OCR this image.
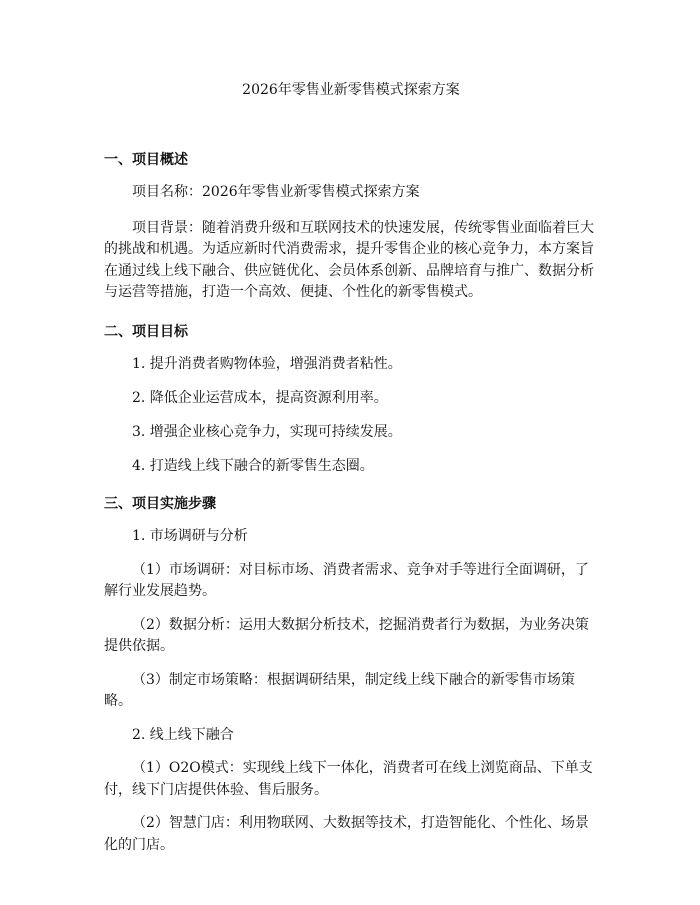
2026年零售业新零售模式探索方案
一、项目概述

项目名称：2026年零售业新零售模式探索方案

项目背景：随着消费升级和互联网技术的快速发展，传统零售业面临着巨大的挑战和机遇。为适应新时代消费需求，提升零售企业的核心竞争力，本方案旨在通过线上线下融合、供应链优化、会员体系创新、品牌培育与推广、数据分析与运营等措施，打造一个高效、便捷、个性化的新零售模式。

二、项目目标

1. 提升消费者购物体验，增强消费者粘性。

2. 降低企业运营成本，提高资源利用率。

3. 增强企业核心竞争力，实现可持续发展。

4. 打造线上线下融合的新零售生态圈。

三、项目实施步骤

1. 市场调研与分析

（1）市场调研：对目标市场、消费者需求、竞争对手等进行全面调研，了解行业发展趋势。

（2）数据分析：运用大数据分析技术，挖掘消费者行为数据，为业务决策提供依据。

（3）制定市场策略：根据调研结果，制定线上线下融合的新零售市场策略。

2. 线上线下融合

（1）O2O模式：实现线上线下一体化，消费者可在线上浏览商品、下单支付，线下门店提供体验、售后服务。

（2）智慧门店：利用物联网、大数据等技术，打造智能化、个性化、场景化的门店。
